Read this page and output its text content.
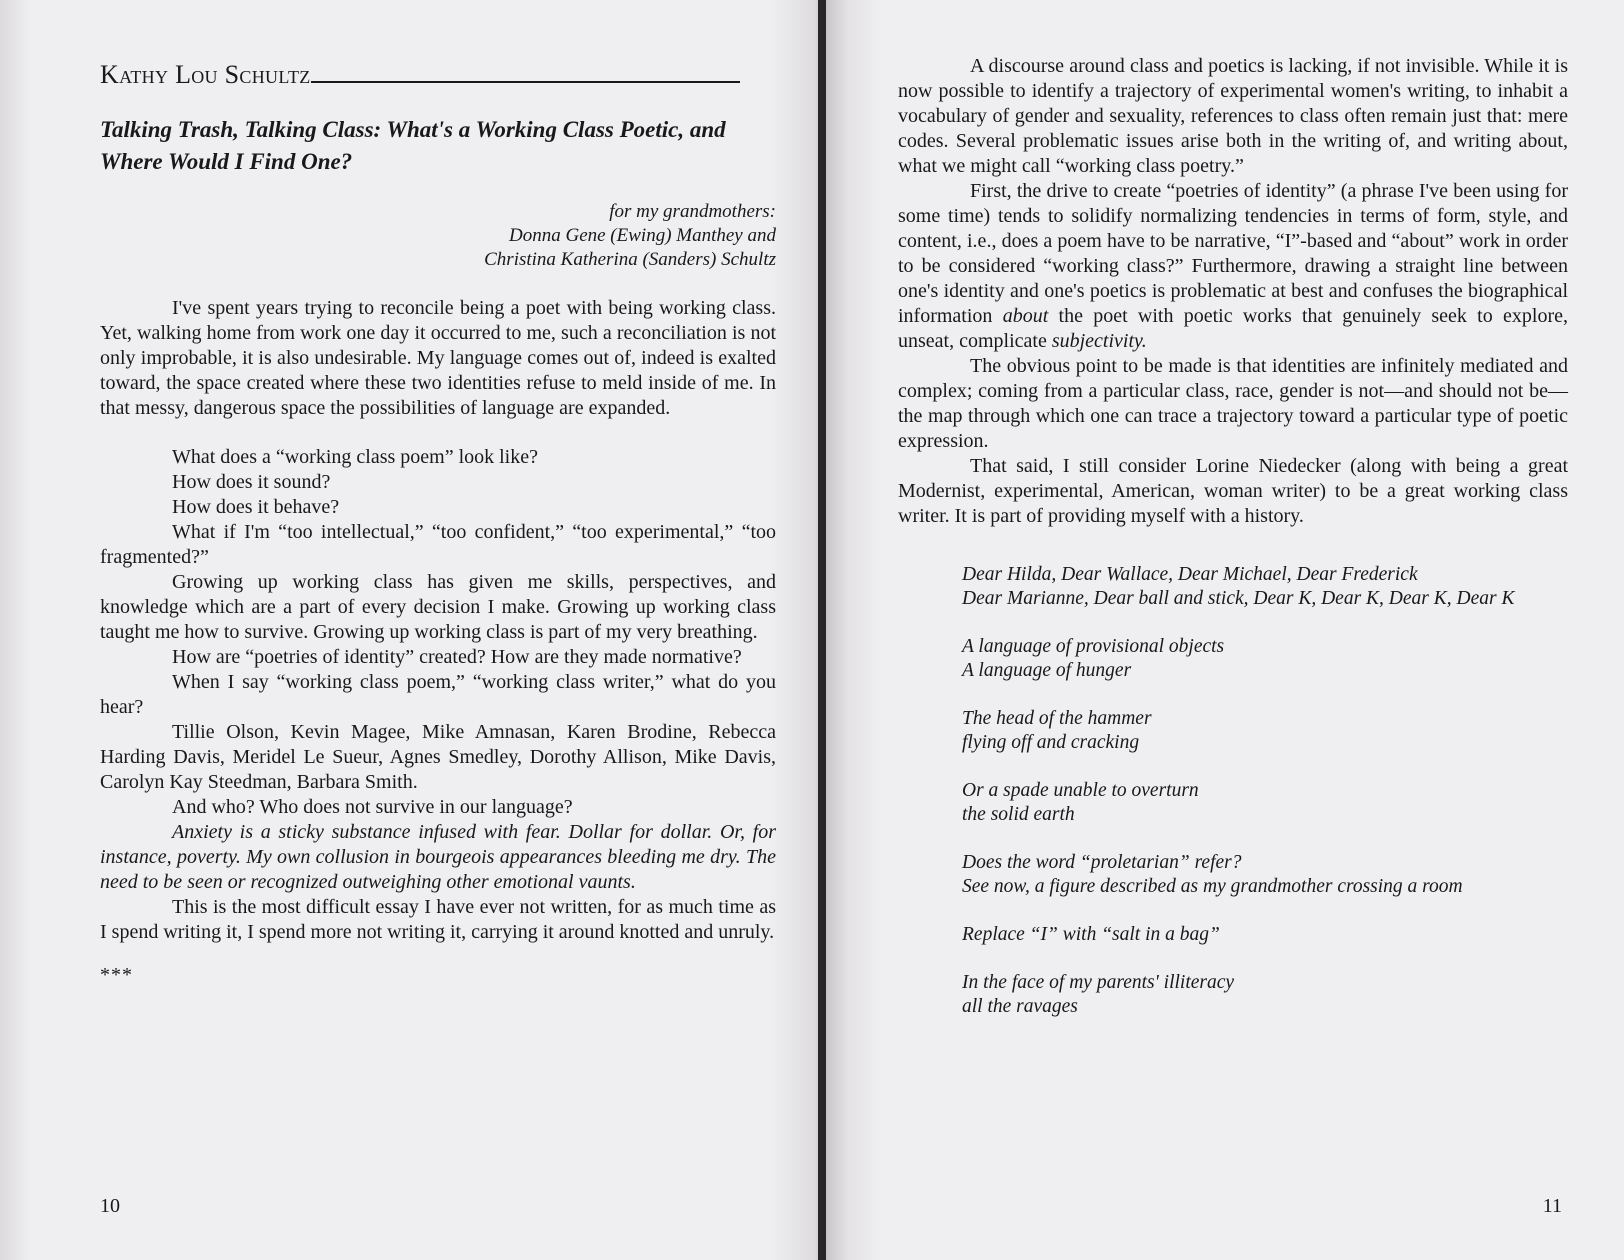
Kathy Lou Schultz
Talking Trash, Talking Class: What's a Working Class Poetic, and Where Would I Find One?
for my grandmothers:
Donna Gene (Ewing) Manthey and
Christina Katherina (Sanders) Schultz

I've spent years trying to reconcile being a poet with being working class. Yet, walking home from work one day it occurred to me, such a reconciliation is not only improbable, it is also undesirable. My language comes out of, indeed is exalted toward, the space created where these two identities refuse to meld inside of me. In that messy, dangerous space the possibilities of language are expanded.

What does a “working class poem” look like?

How does it sound?

How does it behave?

What if I'm “too intellectual,” “too confident,” “too experimental,” “too fragmented?”

Growing up working class has given me skills, perspectives, and knowledge which are a part of every decision I make. Growing up working class taught me how to survive. Growing up working class is part of my very breathing.

How are “poetries of identity” created? How are they made normative?

When I say “working class poem,” “working class writer,” what do you hear?

Tillie Olson, Kevin Magee, Mike Amnasan, Karen Brodine, Rebecca Harding Davis, Meridel Le Sueur, Agnes Smedley, Dorothy Allison, Mike Davis, Carolyn Kay Steedman, Barbara Smith.

And who? Who does not survive in our language?

Anxiety is a sticky substance infused with fear. Dollar for dollar. Or, for instance, poverty. My own collusion in bourgeois appearances bleeding me dry. The need to be seen or recognized outweighing other emotional vaunts.

This is the most difficult essay I have ever not written, for as much time as I spend writing it, I spend more not writing it, carrying it around knotted and unruly.

***

10

A discourse around class and poetics is lacking, if not invisible. While it is now possible to identify a trajectory of experimental women's writing, to inhabit a vocabulary of gender and sexuality, references to class often remain just that: mere codes. Several problematic issues arise both in the writing of, and writing about, what we might call “working class poetry.”

First, the drive to create “poetries of identity” (a phrase I've been using for some time) tends to solidify normalizing tendencies in terms of form, style, and content, i.e., does a poem have to be narrative, “I”-based and “about” work in order to be considered “working class?” Furthermore, drawing a straight line between one's identity and one's poetics is problematic at best and confuses the biographical information about the poet with poetic works that genuinely seek to explore, unseat, complicate subjectivity.

The obvious point to be made is that identities are infinitely mediated and complex; coming from a particular class, race, gender is not—and should not be—the map through which one can trace a trajectory toward a particular type of poetic expression.

That said, I still consider Lorine Niedecker (along with being a great Modernist, experimental, American, woman writer) to be a great working class writer. It is part of providing myself with a history.

Dear Hilda, Dear Wallace, Dear Michael, Dear Frederick
Dear Marianne, Dear ball and stick, Dear K, Dear K, Dear K, Dear K
A language of provisional objects
A language of hunger
The head of the hammer
flying off and cracking
Or a spade unable to overturn
the solid earth
Does the word “proletarian” refer?
See now, a figure described as my grandmother crossing a room
Replace “I” with “salt in a bag”
In the face of my parents' illiteracy
all the ravages
11
